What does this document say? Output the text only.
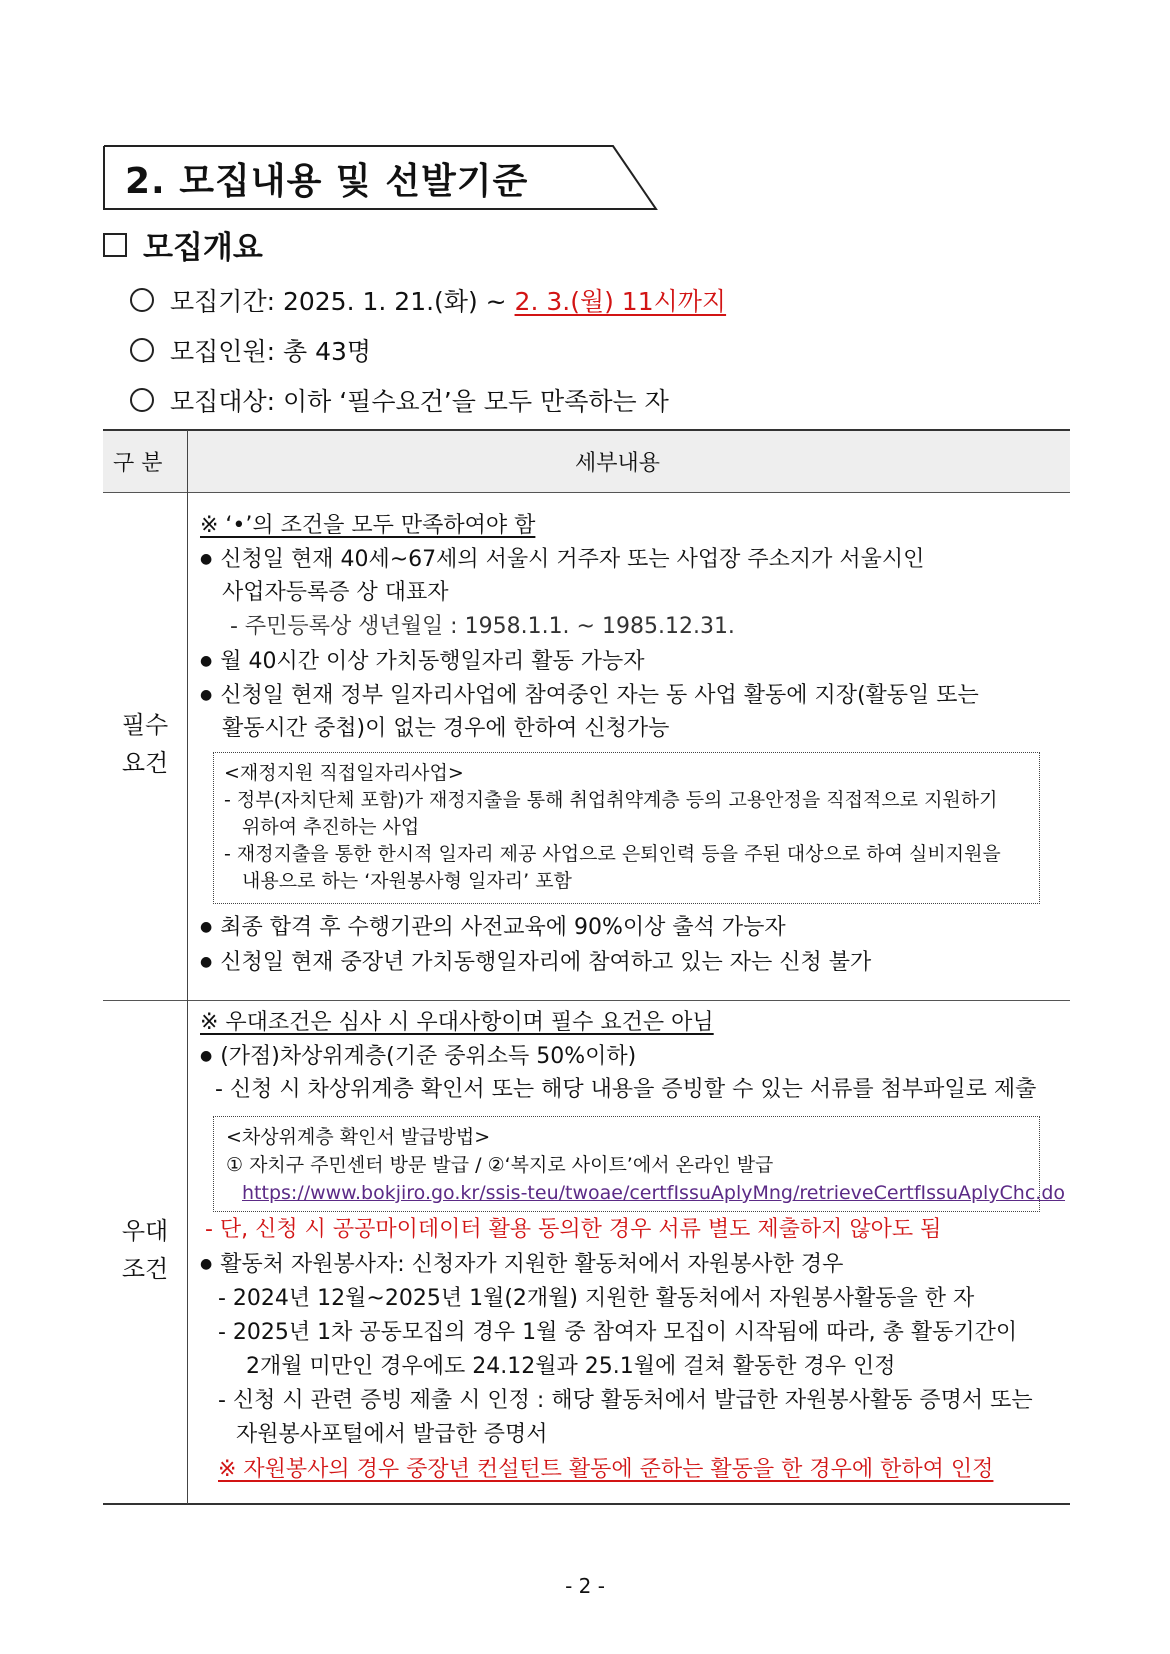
2. 모집내용 및 선발기준
모집개요
모집기간: 2025. 1. 21.(화) ~ 2. 3.(월) 11시까지
모집인원: 총 43명
모집대상: 이하 ‘필수요건’을 모두 만족하는 자
구 분	세부내용
필수
요건
※ ‘•’의 조건을 모두 만족하여야 함
● 신청일 현재 40세~67세의 서울시 거주자 또는 사업장 주소지가 서울시인
사업자등록증 상 대표자
- 주민등록상 생년월일 : 1958.1.1. ~ 1985.12.31.
● 월 40시간 이상 가치동행일자리 활동 가능자
● 신청일 현재 정부 일자리사업에 참여중인 자는 동 사업 활동에 지장(활동일 또는
활동시간 중첩)이 없는 경우에 한하여 신청가능
<재정지원 직접일자리사업>
- 정부(자치단체 포함)가 재정지출을 통해 취업취약계층 등의 고용안정을 직접적으로 지원하기
위하여 추진하는 사업
- 재정지출을 통한 한시적 일자리 제공 사업으로 은퇴인력 등을 주된 대상으로 하여 실비지원을
내용으로 하는 ‘자원봉사형 일자리’ 포함
● 최종 합격 후 수행기관의 사전교육에 90%이상 출석 가능자
● 신청일 현재 중장년 가치동행일자리에 참여하고 있는 자는 신청 불가
우대
조건
※ 우대조건은 심사 시 우대사항이며 필수 요건은 아님
● (가점)차상위계층(기준 중위소득 50%이하)
- 신청 시 차상위계층 확인서 또는 해당 내용을 증빙할 수 있는 서류를 첨부파일로 제출
<차상위계층 확인서 발급방법>
① 자치구 주민센터 방문 발급 / ②‘복지로 사이트’에서 온라인 발급
https://www.bokjiro.go.kr/ssis-teu/twoae/certfIssuAplyMng/retrieveCertfIssuAplyChc.do
- 단, 신청 시 공공마이데이터 활용 동의한 경우 서류 별도 제출하지 않아도 됨
● 활동처 자원봉사자: 신청자가 지원한 활동처에서 자원봉사한 경우
- 2024년 12월~2025년 1월(2개월) 지원한 활동처에서 자원봉사활동을 한 자
- 2025년 1차 공동모집의 경우 1월 중 참여자 모집이 시작됨에 따라, 총 활동기간이
2개월 미만인 경우에도 24.12월과 25.1월에 걸쳐 활동한 경우 인정
- 신청 시 관련 증빙 제출 시 인정 : 해당 활동처에서 발급한 자원봉사활동 증명서 또는
자원봉사포털에서 발급한 증명서
※ 자원봉사의 경우 중장년 컨설턴트 활동에 준하는 활동을 한 경우에 한하여 인정
- 2 -
